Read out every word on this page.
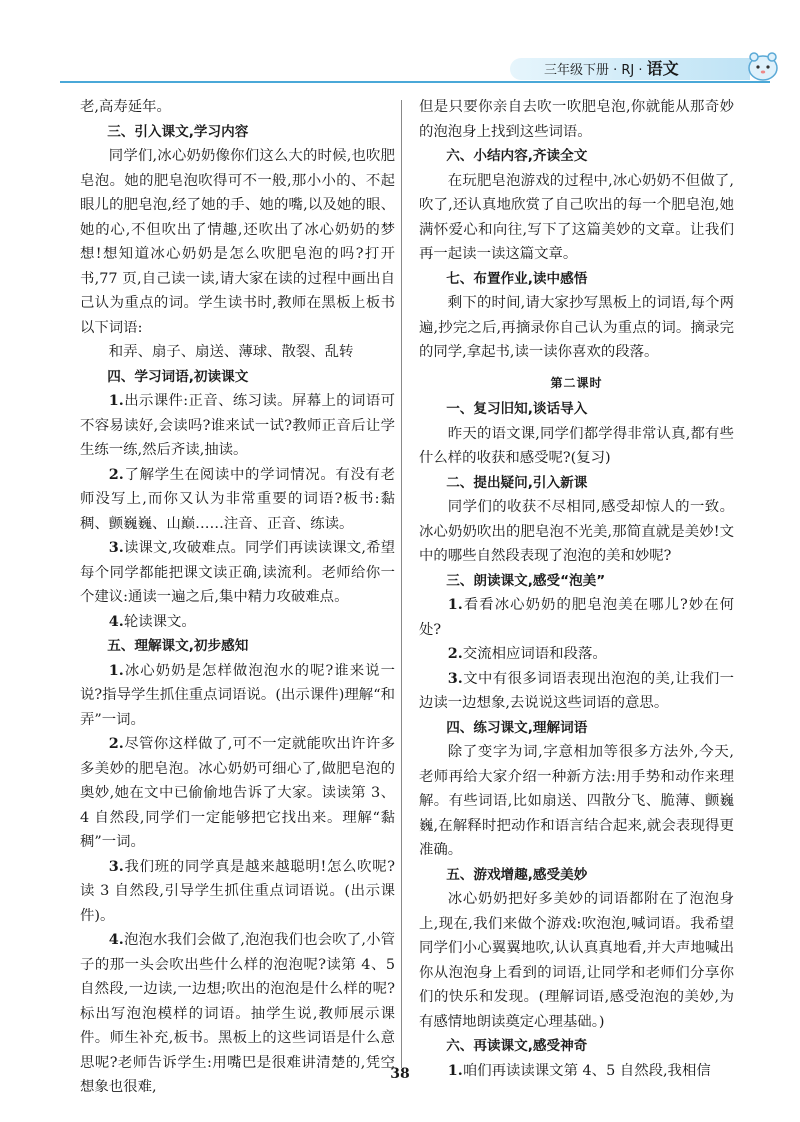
三年级下册 · RJ · 语文

老,高寿延年。

三、引入课文,学习内容

同学们,冰心奶奶像你们这么大的时候,也吹肥皂泡。她的肥皂泡吹得可不一般,那小小的、不起眼儿的肥皂泡,经了她的手、她的嘴,以及她的眼、她的心,不但吹出了情趣,还吹出了冰心奶奶的梦想!想知道冰心奶奶是怎么吹肥皂泡的吗?打开书,77 页,自己读一读,请大家在读的过程中画出自己认为重点的词。学生读书时,教师在黑板上板书以下词语:

和弄、扇子、扇送、薄球、散裂、乱转

四、学习词语,初读课文

1.出示课件:正音、练习读。屏幕上的词语可不容易读好,会读吗?谁来试一试?教师正音后让学生练一练,然后齐读,抽读。

2.了解学生在阅读中的学词情况。有没有老师没写上,而你又认为非常重要的词语?板书:黏稠、颤巍巍、山巅……注音、正音、练读。

3.读课文,攻破难点。同学们再读读课文,希望每个同学都能把课文读正确,读流利。老师给你一个建议:通读一遍之后,集中精力攻破难点。

4.轮读课文。

五、理解课文,初步感知

1.冰心奶奶是怎样做泡泡水的呢?谁来说一说?指导学生抓住重点词语说。(出示课件)理解“和弄”一词。

2.尽管你这样做了,可不一定就能吹出许许多多美妙的肥皂泡。冰心奶奶可细心了,做肥皂泡的奥妙,她在文中已偷偷地告诉了大家。读读第 3、4 自然段,同学们一定能够把它找出来。理解“黏稠”一词。

3.我们班的同学真是越来越聪明!怎么吹呢?读 3 自然段,引导学生抓住重点词语说。(出示课件)。

4.泡泡水我们会做了,泡泡我们也会吹了,小管子的那一头会吹出些什么样的泡泡呢?读第 4、5 自然段,一边读,一边想;吹出的泡泡是什么样的呢?标出写泡泡模样的词语。抽学生说,教师展示课件。师生补充,板书。黑板上的这些词语是什么意思呢?老师告诉学生:用嘴巴是很难讲清楚的,凭空想象也很难,

但是只要你亲自去吹一吹肥皂泡,你就能从那奇妙的泡泡身上找到这些词语。

六、小结内容,齐读全文

在玩肥皂泡游戏的过程中,冰心奶奶不但做了,吹了,还认真地欣赏了自己吹出的每一个肥皂泡,她满怀爱心和向往,写下了这篇美妙的文章。让我们再一起读一读这篇文章。

七、布置作业,读中感悟

剩下的时间,请大家抄写黑板上的词语,每个两遍,抄完之后,再摘录你自己认为重点的词。摘录完的同学,拿起书,读一读你喜欢的段落。

第二课时

一、复习旧知,谈话导入

昨天的语文课,同学们都学得非常认真,都有些什么样的收获和感受呢?(复习)

二、提出疑问,引入新课

同学们的收获不尽相同,感受却惊人的一致。冰心奶奶吹出的肥皂泡不光美,那简直就是美妙!文中的哪些自然段表现了泡泡的美和妙呢?

三、朗读课文,感受“泡美”

1.看看冰心奶奶的肥皂泡美在哪儿?妙在何处?

2.交流相应词语和段落。

3.文中有很多词语表现出泡泡的美,让我们一边读一边想象,去说说这些词语的意思。

四、练习课文,理解词语

除了变字为词,字意相加等很多方法外,今天,老师再给大家介绍一种新方法:用手势和动作来理解。有些词语,比如扇送、四散分飞、脆薄、颤巍巍,在解释时把动作和语言结合起来,就会表现得更准确。

五、游戏增趣,感受美妙

冰心奶奶把好多美妙的词语都附在了泡泡身上,现在,我们来做个游戏:吹泡泡,喊词语。我希望同学们小心翼翼地吹,认认真真地看,并大声地喊出你从泡泡身上看到的词语,让同学和老师们分享你们的快乐和发现。(理解词语,感受泡泡的美妙,为有感情地朗读奠定心理基础。)

六、再读课文,感受神奇

1.咱们再读读课文第 4、5 自然段,我相信

38
